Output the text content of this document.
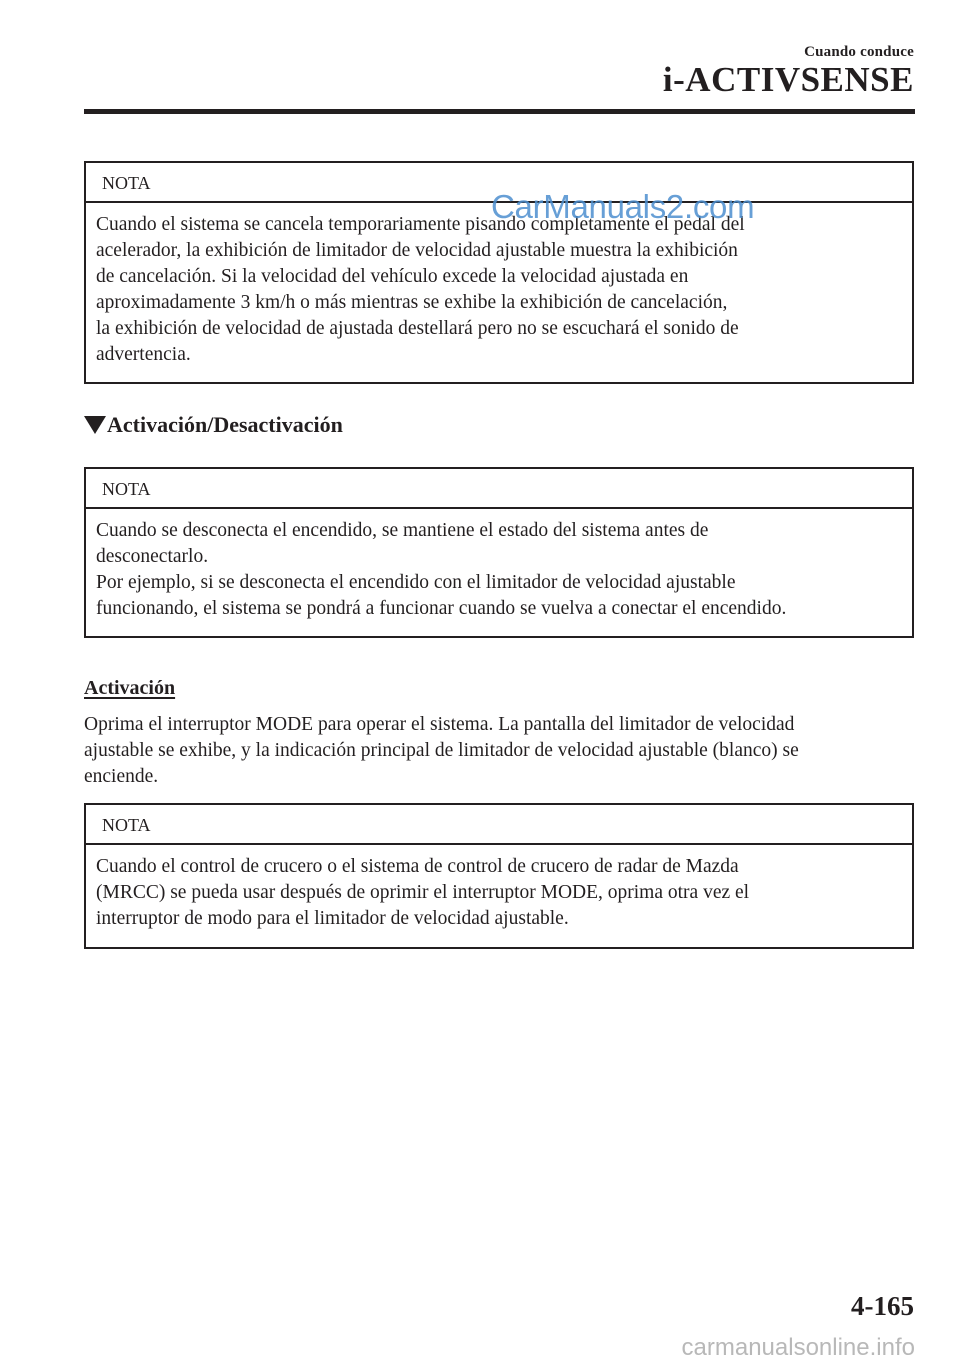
Cuando conduce
i-ACTIVSENSE
NOTA

Cuando el sistema se cancela temporariamente pisando completamente el pedal del

acelerador, la exhibición de limitador de velocidad ajustable muestra la exhibición

de cancelación. Si la velocidad del vehículo excede la velocidad ajustada en

aproximadamente 3 km/h o más mientras se exhibe la exhibición de cancelación,

la exhibición de velocidad de ajustada destellará pero no se escuchará el sonido de

advertencia.

Activación/Desactivación
NOTA

Cuando se desconecta el encendido, se mantiene el estado del sistema antes de

desconectarlo.

Por ejemplo, si se desconecta el encendido con el limitador de velocidad ajustable

funcionando, el sistema se pondrá a funcionar cuando se vuelva a conectar el encendido.

Activación
Oprima el interruptor MODE para operar el sistema. La pantalla del limitador de velocidad
ajustable se exhibe, y la indicación principal de limitador de velocidad ajustable (blanco) se
enciende.
NOTA

Cuando el control de crucero o el sistema de control de crucero de radar de Mazda

(MRCC) se pueda usar después de oprimir el interruptor MODE, oprima otra vez el

interruptor de modo para el limitador de velocidad ajustable.

CarManuals2.com
4-165
carmanualsonline.info
